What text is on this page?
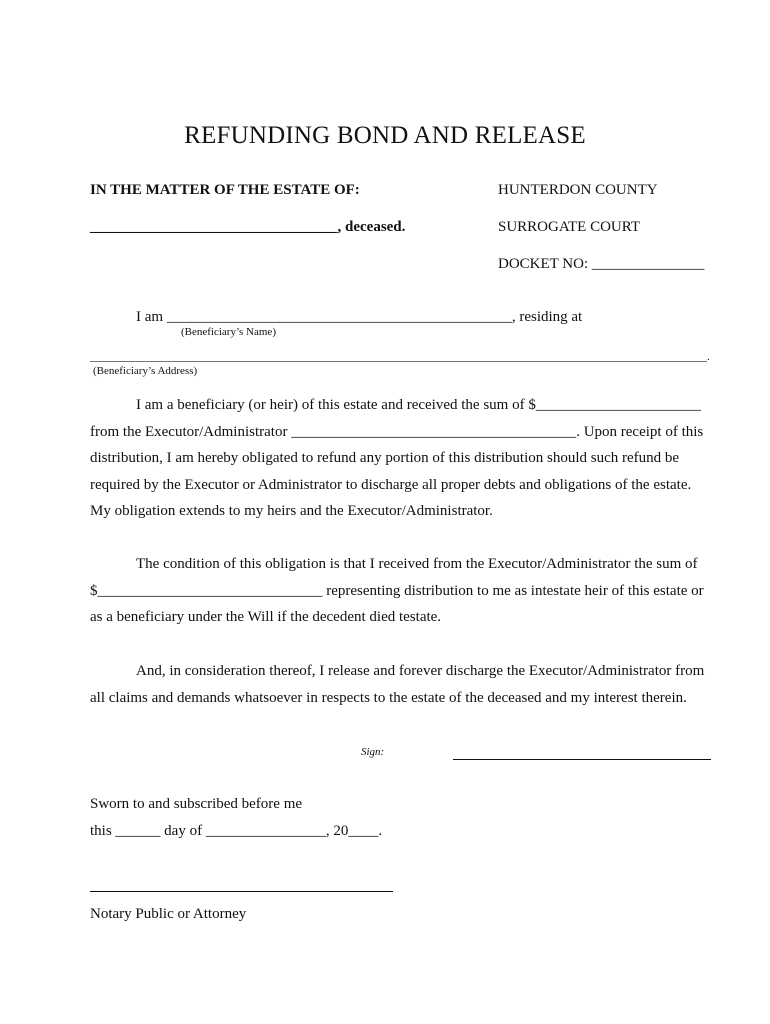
REFUNDING BOND AND RELEASE
IN THE MATTER OF THE ESTATE OF:	HUNTERDON COUNTY
_________________________________, deceased.	SURROGATE COURT
DOCKET NO: _______________
I am ______________________________________________, residing at
(Beneficiary’s Name)
.
(Beneficiary’s Address)
I am a beneficiary (or heir) of this estate and received the sum of $______________________ from the Executor/Administrator ______________________________________. Upon receipt of this distribution, I am hereby obligated to refund any portion of this distribution should such refund be required by the Executor or Administrator to discharge all proper debts and obligations of the estate. My obligation extends to my heirs and the Executor/Administrator.
The condition of this obligation is that I received from the Executor/Administrator the sum of $______________________________ representing distribution to me as intestate heir of this estate or as a beneficiary under the Will if the decedent died testate.
And, in consideration thereof, I release and forever discharge the Executor/Administrator from all claims and demands whatsoever in respects to the estate of the deceased and my interest therein.
Sign:
Sworn to and subscribed before me
this ______ day of ________________, 20____.
Notary Public or Attorney
